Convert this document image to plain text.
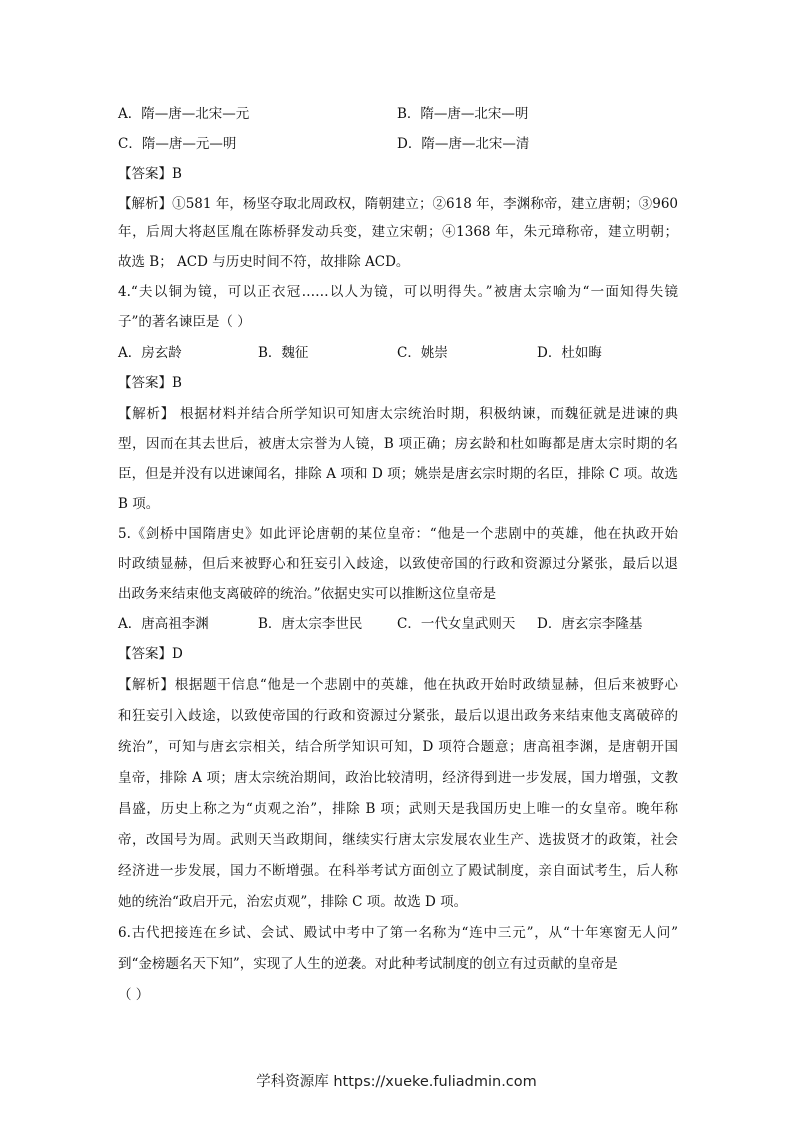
A．隋—唐—北宋—元	B．隋—唐—北宋—明
C．隋—唐—元—明	D．隋—唐—北宋—清
【答案】B
【解析】①581 年，杨坚夺取北周政权，隋朝建立；②618 年，李渊称帝，建立唐朝；③960
年，后周大将赵匡胤在陈桥驿发动兵变，建立宋朝；④1368 年，朱元璋称帝，建立明朝；
故选 B； ACD 与历史时间不符，故排除 ACD。
4.“夫以铜为镜，可以正衣冠……以人为镜，可以明得失。”被唐太宗喻为“一面知得失镜
子”的著名谏臣是（ ）
A．房玄龄	B．魏征	C．姚崇	D．杜如晦
【答案】B
【解析】 根据材料并结合所学知识可知唐太宗统治时期，积极纳谏，而魏征就是进谏的典
型，因而在其去世后，被唐太宗誉为人镜，B 项正确；房玄龄和杜如晦都是唐太宗时期的名
臣，但是并没有以进谏闻名，排除 A 项和 D 项；姚崇是唐玄宗时期的名臣，排除 C 项。故选
B 项。
5.《剑桥中国隋唐史》如此评论唐朝的某位皇帝：“他是一个悲剧中的英雄，他在执政开始
时政绩显赫，但后来被野心和狂妄引入歧途，以致使帝国的行政和资源过分紧张，最后以退
出政务来结束他支离破碎的统治。”依据史实可以推断这位皇帝是
A．唐高祖李渊	B．唐太宗李世民	C．一代女皇武则天 D．唐玄宗李隆基
【答案】D
【解析】根据题干信息“他是一个悲剧中的英雄，他在执政开始时政绩显赫，但后来被野心
和狂妄引入歧途，以致使帝国的行政和资源过分紧张，最后以退出政务来结束他支离破碎的
统治”，可知与唐玄宗相关，结合所学知识可知，D 项符合题意；唐高祖李渊，是唐朝开国
皇帝，排除 A 项；唐太宗统治期间，政治比较清明，经济得到进一步发展，国力增强，文教
昌盛，历史上称之为“贞观之治”，排除 B 项；武则天是我国历史上唯一的女皇帝。晚年称
帝，改国号为周。武则天当政期间，继续实行唐太宗发展农业生产、选拔贤才的政策，社会
经济进一步发展，国力不断增强。在科举考试方面创立了殿试制度，亲自面试考生，后人称
她的统治“政启开元，治宏贞观”，排除 C 项。故选 D 项。
6.古代把接连在乡试、会试、殿试中考中了第一名称为“连中三元”，从“十年寒窗无人问”
到“金榜题名天下知”，实现了人生的逆袭。对此种考试制度的创立有过贡献的皇帝是
（ ）
学科资源库 https://xueke.fuliadmin.com
